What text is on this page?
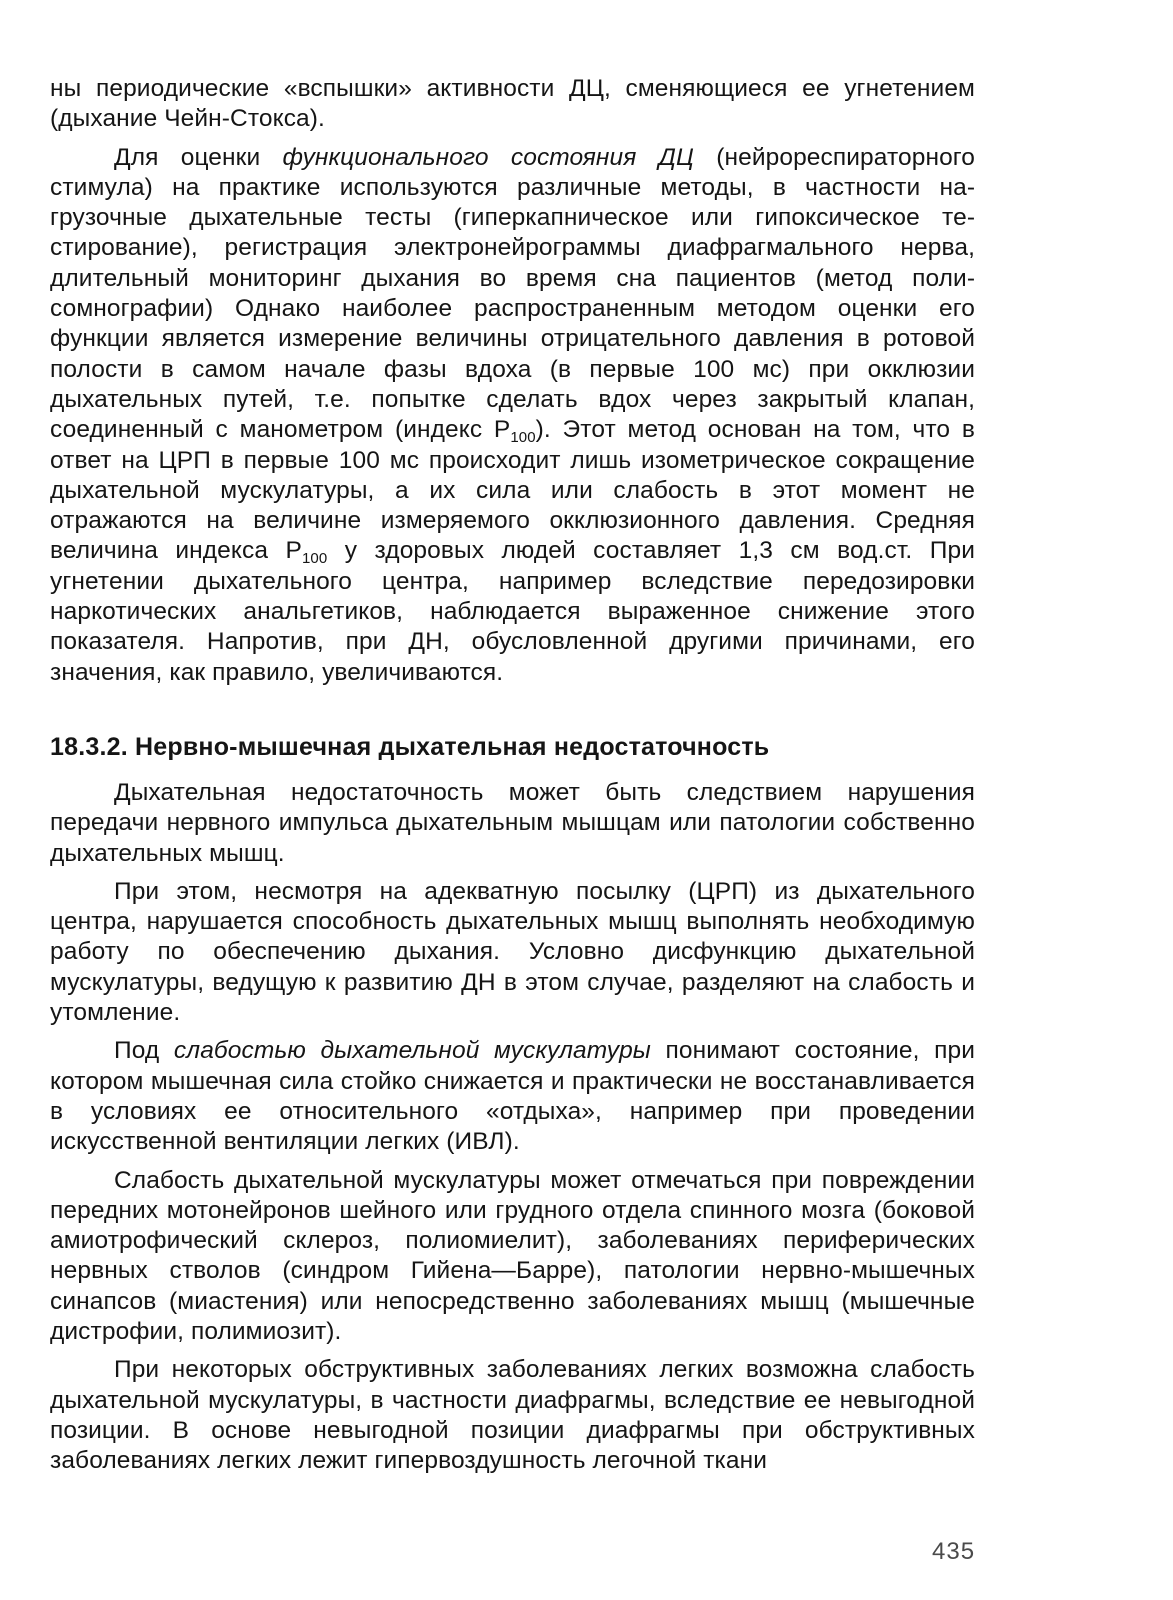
ны периодические «вспышки» активности ДЦ, сменяющиеся ее угнетением (дыхание Чейн-Стокса).

Для оценки функционального состояния ДЦ (нейрореспираторного стимула) на практике используются различные методы, в частности нагрузочные дыхательные тесты (гиперкапническое или гипоксическое тестирование), регистрация электронейрограммы диафрагмального нерва, длительный мониторинг дыхания во время сна пациентов (метод полисомнографии) Однако наиболее распространенным методом оценки его функции является измерение величины отрицательного давления в ротовой полости в самом начале фазы вдоха (в первые 100 мс) при окклюзии дыхательных путей, т.е. попытке сделать вдох через закрытый клапан, соединенный с манометром (индекс $P_{100}$). Этот метод основан на том, что в ответ на ЦРП в первые 100 мс происходит лишь изометрическое сокращение дыхательной мускулатуры, а их сила или слабость в этот момент не отражаются на величине измеряемого окклюзионного давления. Средняя величина индекса $P_{100}$ у здоровых людей составляет 1,3 см вод.ст. При угнетении дыхательного центра, например вследствие передозировки наркотических анальгетиков, наблюдается выраженное снижение этого показателя. Напротив, при ДН, обусловленной другими причинами, его значения, как правило, увеличиваются.

18.3.2. Нервно-мышечная дыхательная недостаточность

Дыхательная недостаточность может быть следствием нарушения передачи нервного импульса дыхательным мышцам или патологии собственно дыхательных мышц.

При этом, несмотря на адекватную посылку (ЦРП) из дыхательного центра, нарушается способность дыхательных мышц выполнять необходимую работу по обеспечению дыхания. Условно дисфункцию дыхательной мускулатуры, ведущую к развитию ДН в этом случае, разделяют на слабость и утомление.

Под слабостью дыхательной мускулатуры понимают состояние, при котором мышечная сила стойко снижается и практически не восстанавливается в условиях ее относительного «отдыха», например при проведении искусственной вентиляции легких (ИВЛ).

Слабость дыхательной мускулатуры может отмечаться при повреждении передних мотонейронов шейного или грудного отдела спинного мозга (боковой амиотрофический склероз, полиомиелит), заболеваниях периферических нервных стволов (синдром Гийена—Барре), патологии нервно-мышечных синапсов (миастения) или непосредственно заболеваниях мышц (мышечные дистрофии, полимиозит).

При некоторых обструктивных заболеваниях легких возможна слабость дыхательной мускулатуры, в частности диафрагмы, вследствие ее невыгодной позиции. В основе невыгодной позиции диафрагмы при обструктивных заболеваниях легких лежит гипервоздушность легочной ткани

435
